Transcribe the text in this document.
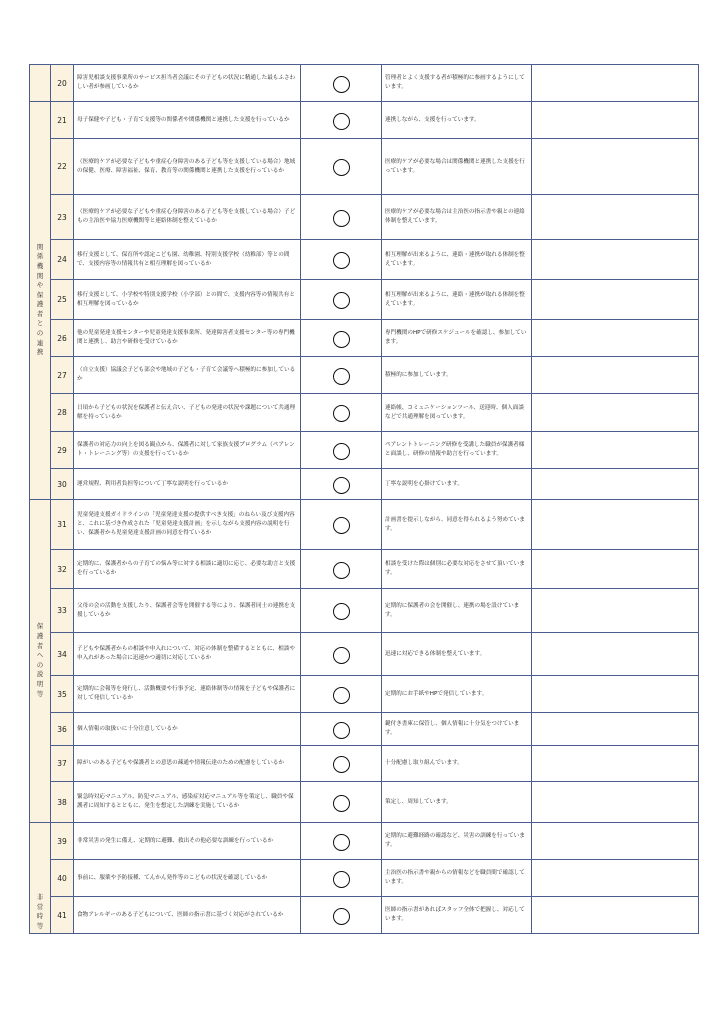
	20	障害児相談支援事業所のサービス担当者会議にその子どもの状況に精通した最もふさわしい者が参画しているか		管理者とよく支援する者が積極的に参画するようにしています。	
関係機関や保護者との連携	21	母子保健や子ども・子育て支援等の関係者や関係機関と連携した支援を行っているか		連携しながら、支援を行っています。	
	22	（医療的ケアが必要な子どもや重症心身障害のある子ども等を支援している場合）地域の保健、医療、障害福祉、保育、教育等の関係機関と連携した支援を行っているか		医療的ケアが必要な場合は関係機関と連携した支援を行っています。	
	23	（医療的ケアが必要な子どもや重症心身障害のある子ども等を支援している場合）子どもの主治医や協力医療機関等と連絡体制を整えているか		医療的ケアが必要な場合は主治医の指示書や親との連絡体制を整えています。	
	24	移行支援として、保育所や認定こども園、幼稚園、特別支援学校（幼稚部）等との間で、支援内容等の情報共有と相互理解を図っているか		相互理解が出来るように、連絡・連携が取れる体制を整えています。	
	25	移行支援として、小学校や特別支援学校（小学部）との間で、支援内容等の情報共有と相互理解を図っているか		相互理解が出来るように、連絡・連携が取れる体制を整えています。	
	26	他の児童発達支援センターや児童発達支援事業所、発達障害者支援センター等の専門機関と連携し、助言や研修を受けているか		専門機関のHPで研修スケジュールを確認し、参加しています。	
	27	（自立支援）協議会子ども部会や地域の子ども・子育て会議等へ積極的に参加しているか		積極的に参加しています。	
	28	日頃から子どもの状況を保護者と伝え合い、子どもの発達の状況や課題について共通理解を持っているか		連絡帳、コミュニケーションツール、送迎時、個人面談などで共通理解を図っています。	
	29	保護者の対応力の向上を図る観点から、保護者に対して家族支援プログラム（ペアレント・トレーニング等）の支援を行っているか		ペアレントトレーニング研修を受講した職員が保護者様と面談し、研修の情報や助言を行っています。	
	30	運営規程、利用者負担等について丁寧な説明を行っているか		丁寧な説明を心掛けています。	
保護者への説明等	31	児童発達支援ガイドラインの「児童発達支援の提供すべき支援」のねらい及び支援内容と、これに基づき作成された「児童発達支援計画」を示しながら支援内容の説明を行い、保護者から児童発達支援計画の同意を得ているか		計画書を提示しながら、同意を得られるよう努めています。	
	32	定期的に、保護者からの子育ての悩み等に対する相談に適切に応じ、必要な助言と支援を行っているか		相談を受けた際は個別に必要な対応をさせて頂いています。	
	33	父母の会の活動を支援したり、保護者会等を開催する等により、保護者同士の連携を支援しているか		定期的に保護者の会を開催し、連携の場を設けています。	
	34	子どもや保護者からの相談や申入れについて、対応の体制を整備するとともに、相談や申入れがあった場合に迅速かつ適切に対応しているか		迅速に対応できる体制を整えています。	
	35	定期的に会報等を発行し、活動概要や行事予定、連絡体制等の情報を子どもや保護者に対して発信しているか		定期的にお手紙やHPで発信しています。	
	36	個人情報の取扱いに十分注意しているか		鍵付き書庫に保管し、個人情報に十分気をつけています。	
	37	障がいのある子どもや保護者との意思の疎通や情報伝達のための配慮をしているか		十分配慮し取り組んでいます。	
	38	緊急時対応マニュアル、防犯マニュアル、感染症対応マニュアル等を策定し、職員や保護者に周知するとともに、発生を想定した訓練を実施しているか		策定し、周知しています。	
非常時等	39	非常災害の発生に備え、定期的に避難、救出その他必要な訓練を行っているか		定期的に避難経路の確認など、災害の訓練を行っています。	
	40	事前に、服薬や予防接種、てんかん発作等のこどもの状況を確認しているか		主治医の指示書や親からの情報などを職員間で確認しています。	
	41	食物アレルギーのある子どもについて、医師の指示書に基づく対応がされているか		医師の指示書があればスタッフ全体で把握し、対応しています。	
